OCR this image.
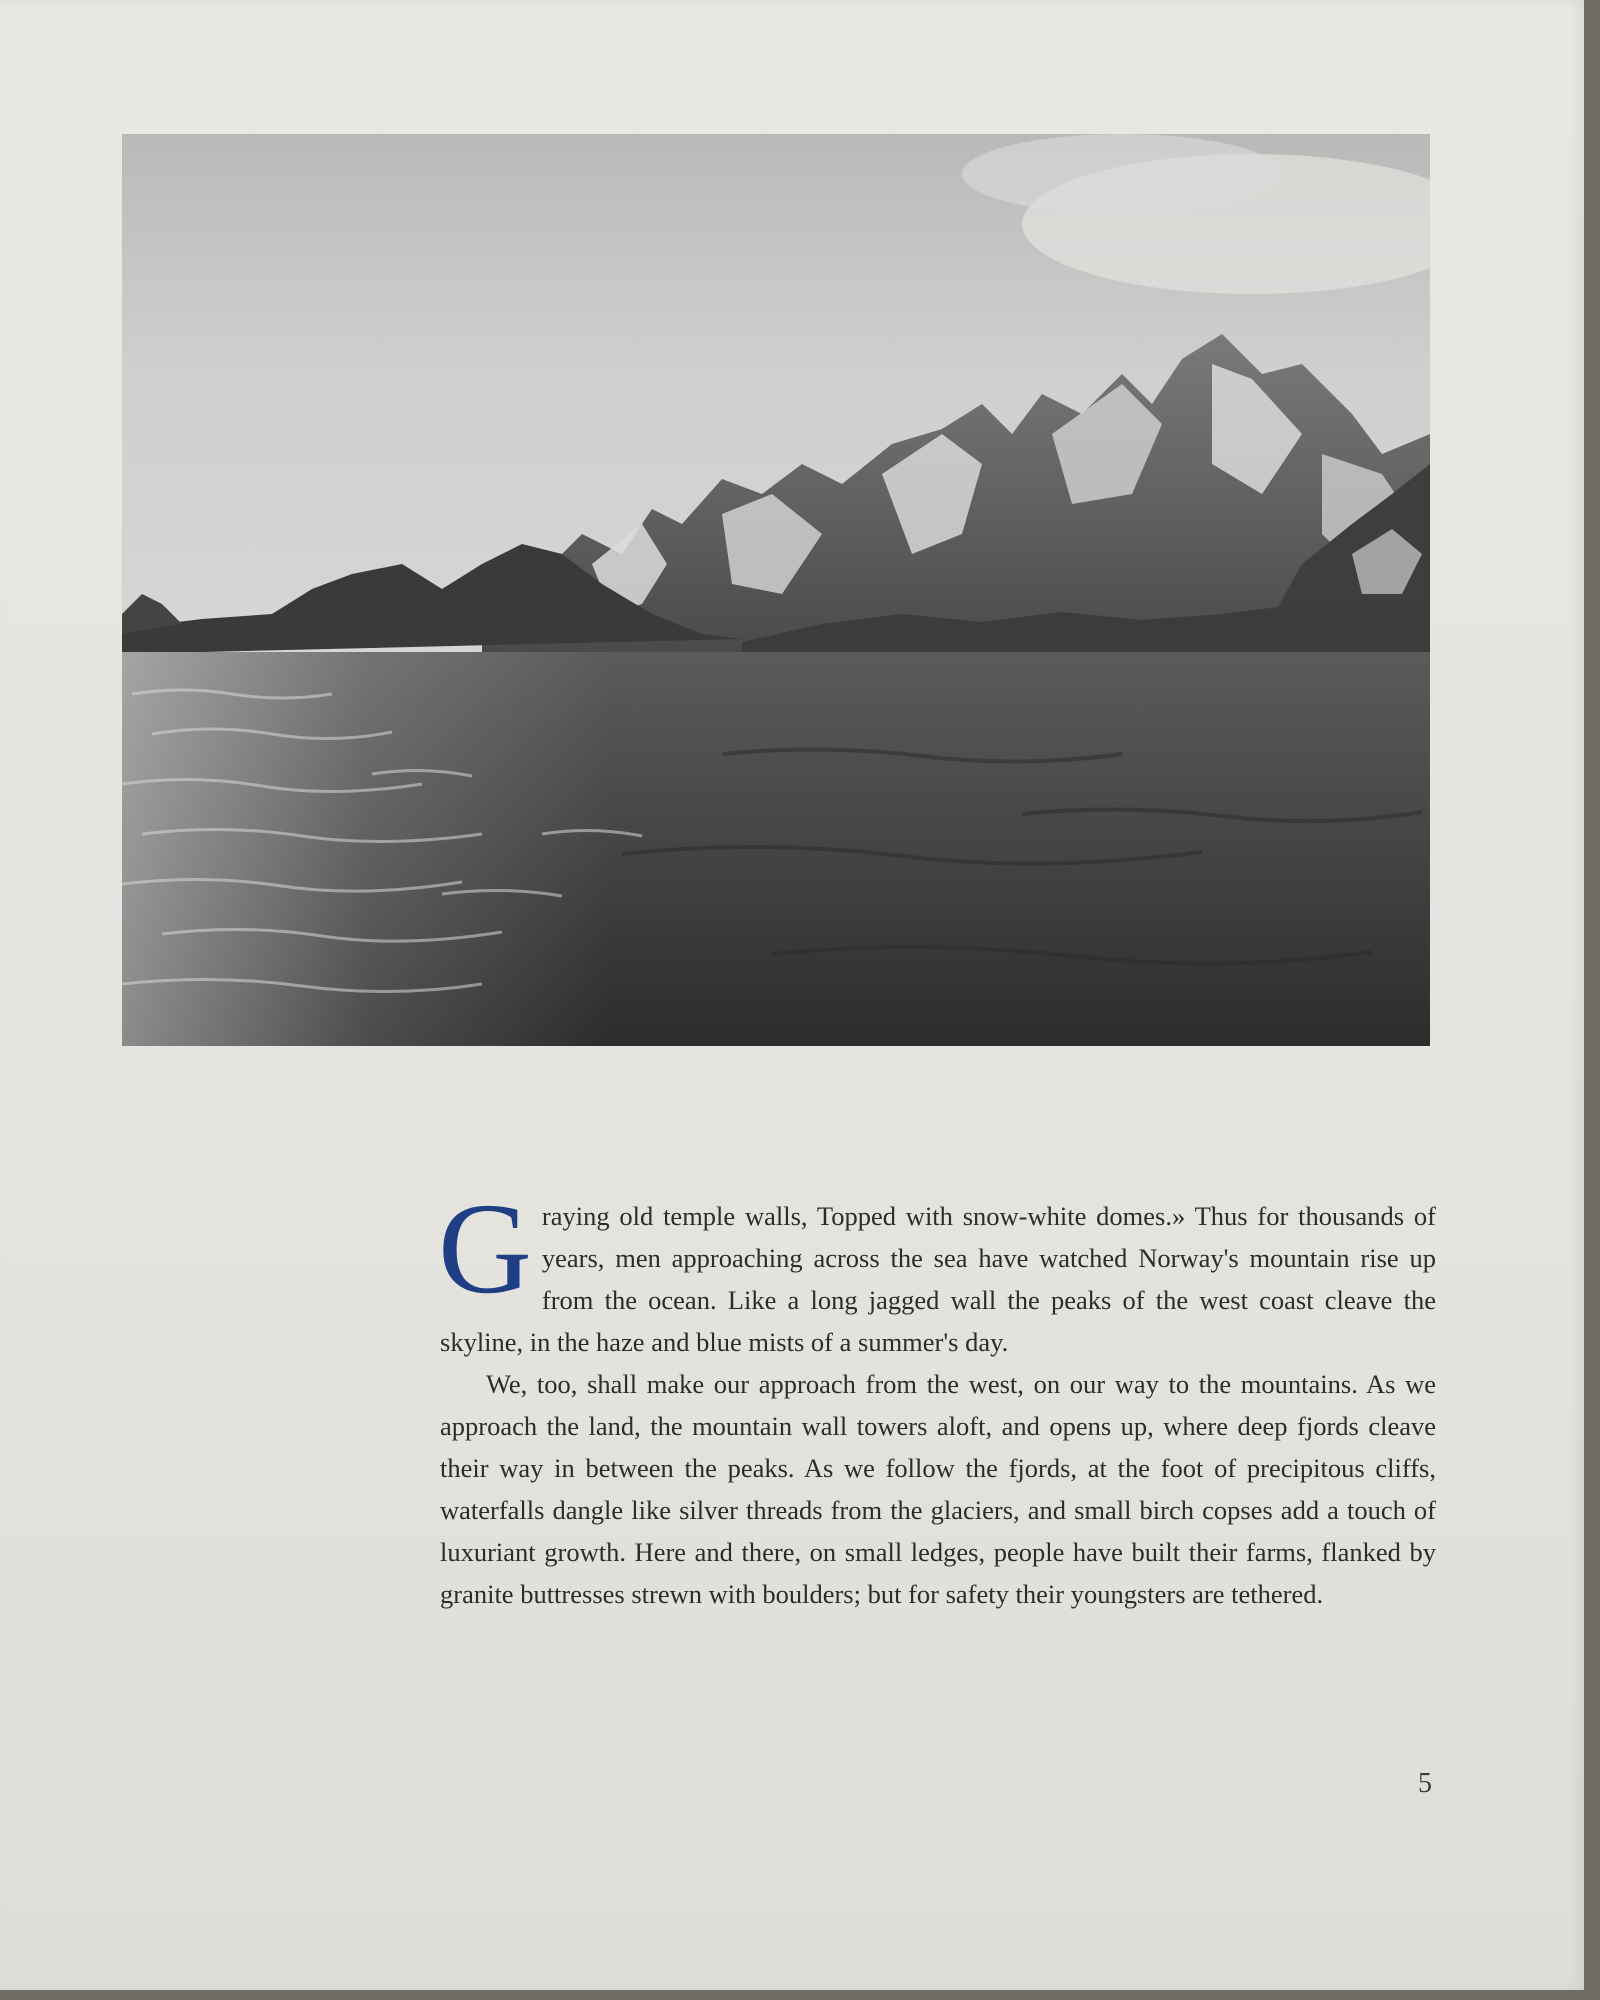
Graying old temple walls, Topped with snow-white domes.» Thus for thousands of years, men approaching across the sea have watched Norway's mountain rise up from the ocean. Like a long jagged wall the peaks of the west coast cleave the skyline, in the haze and blue mists of a summer's day.

We, too, shall make our approach from the west, on our way to the mountains. As we approach the land, the mountain wall towers aloft, and opens up, where deep fjords cleave their way in between the peaks. As we follow the fjords, at the foot of precipitous cliffs, waterfalls dangle like silver threads from the glaciers, and small birch copses add a touch of luxuriant growth. Here and there, on small ledges, people have built their farms, flanked by granite buttresses strewn with boulders; but for safety their youngsters are tethered.

5
